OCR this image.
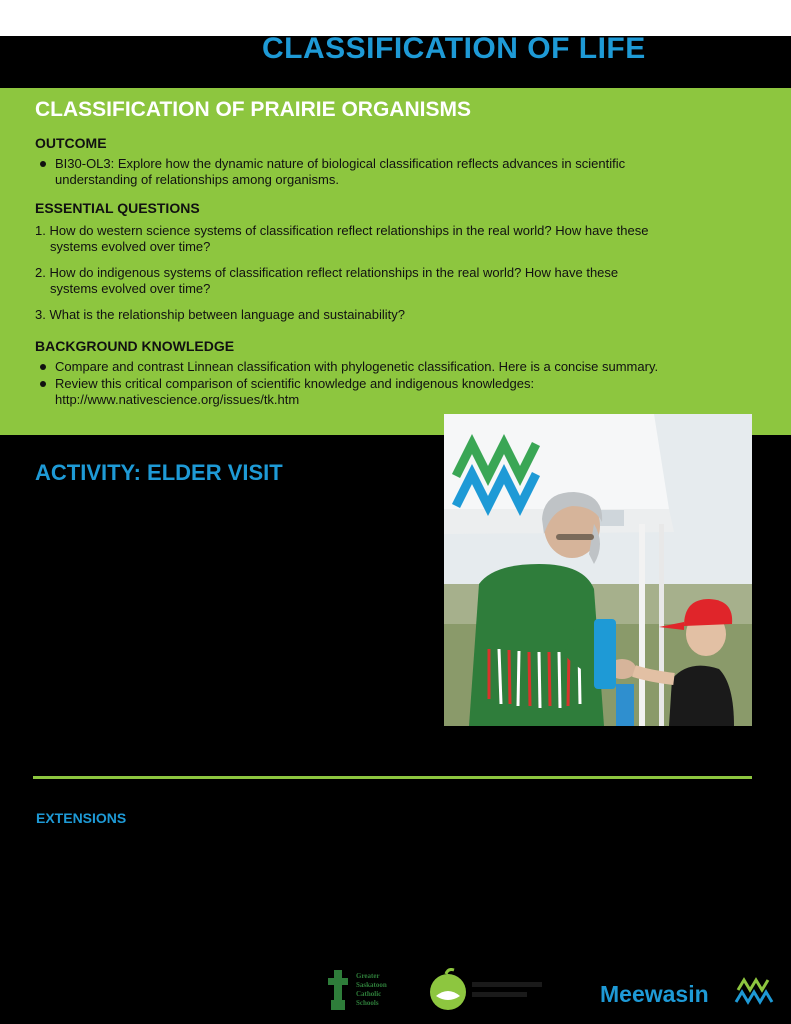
CLASSIFICATION OF LIFE
CLASSIFICATION OF PRAIRIE ORGANISMS
OUTCOME
BI30-OL3: Explore how the dynamic nature of biological classification reflects advances in scientific
understanding of relationships among organisms.
ESSENTIAL QUESTIONS
1. How do western science systems of classification reflect relationships in the real world? How have these
systems evolved over time?
2. How do indigenous systems of classification reflect relationships in the real world? How have these
systems evolved over time?
3. What is the relationship between language and sustainability?
BACKGROUND KNOWLEDGE
Compare and contrast Linnean classification with phylogenetic classification. Here is a concise summary.
Review this critical comparison of scientific knowledge and indigenous knowledges:
http://www.nativescience.org/issues/tk.htm
ACTIVITY: ELDER VISIT
EXTENSIONS
Greater
Saskatoon
Catholic
Schools	Meewasin
